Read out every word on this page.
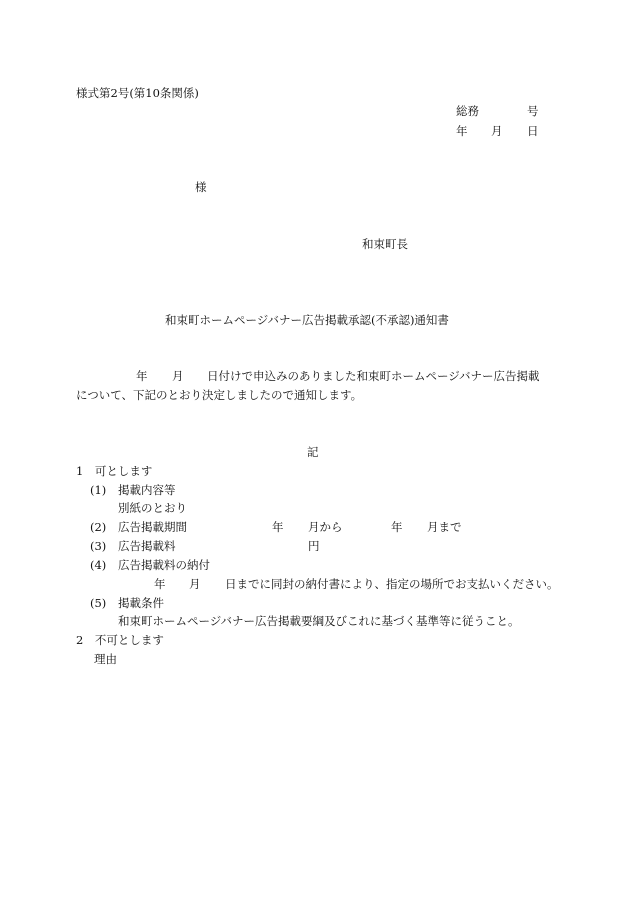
様式第2号(第10条関係)
総務	号
年 月 日
様
和束町長
和束町ホームページバナー広告掲載承認(不承認)通知書
年 月 日付けで申込みのありました和束町ホームページバナー広告掲載
について、下記のとおり決定しましたので通知します。
記
1　可とします
(1) 掲載内容等
別紙のとおり
(2) 広告掲載期間	年 月から	年 月まで
(3) 広告掲載料	円
(4) 広告掲載料の納付
年 月 日までに同封の納付書により、指定の場所でお支払いください。
(5) 掲載条件
和束町ホームページバナー広告掲載要綱及びこれに基づく基準等に従うこと。
2　不可とします
理由
